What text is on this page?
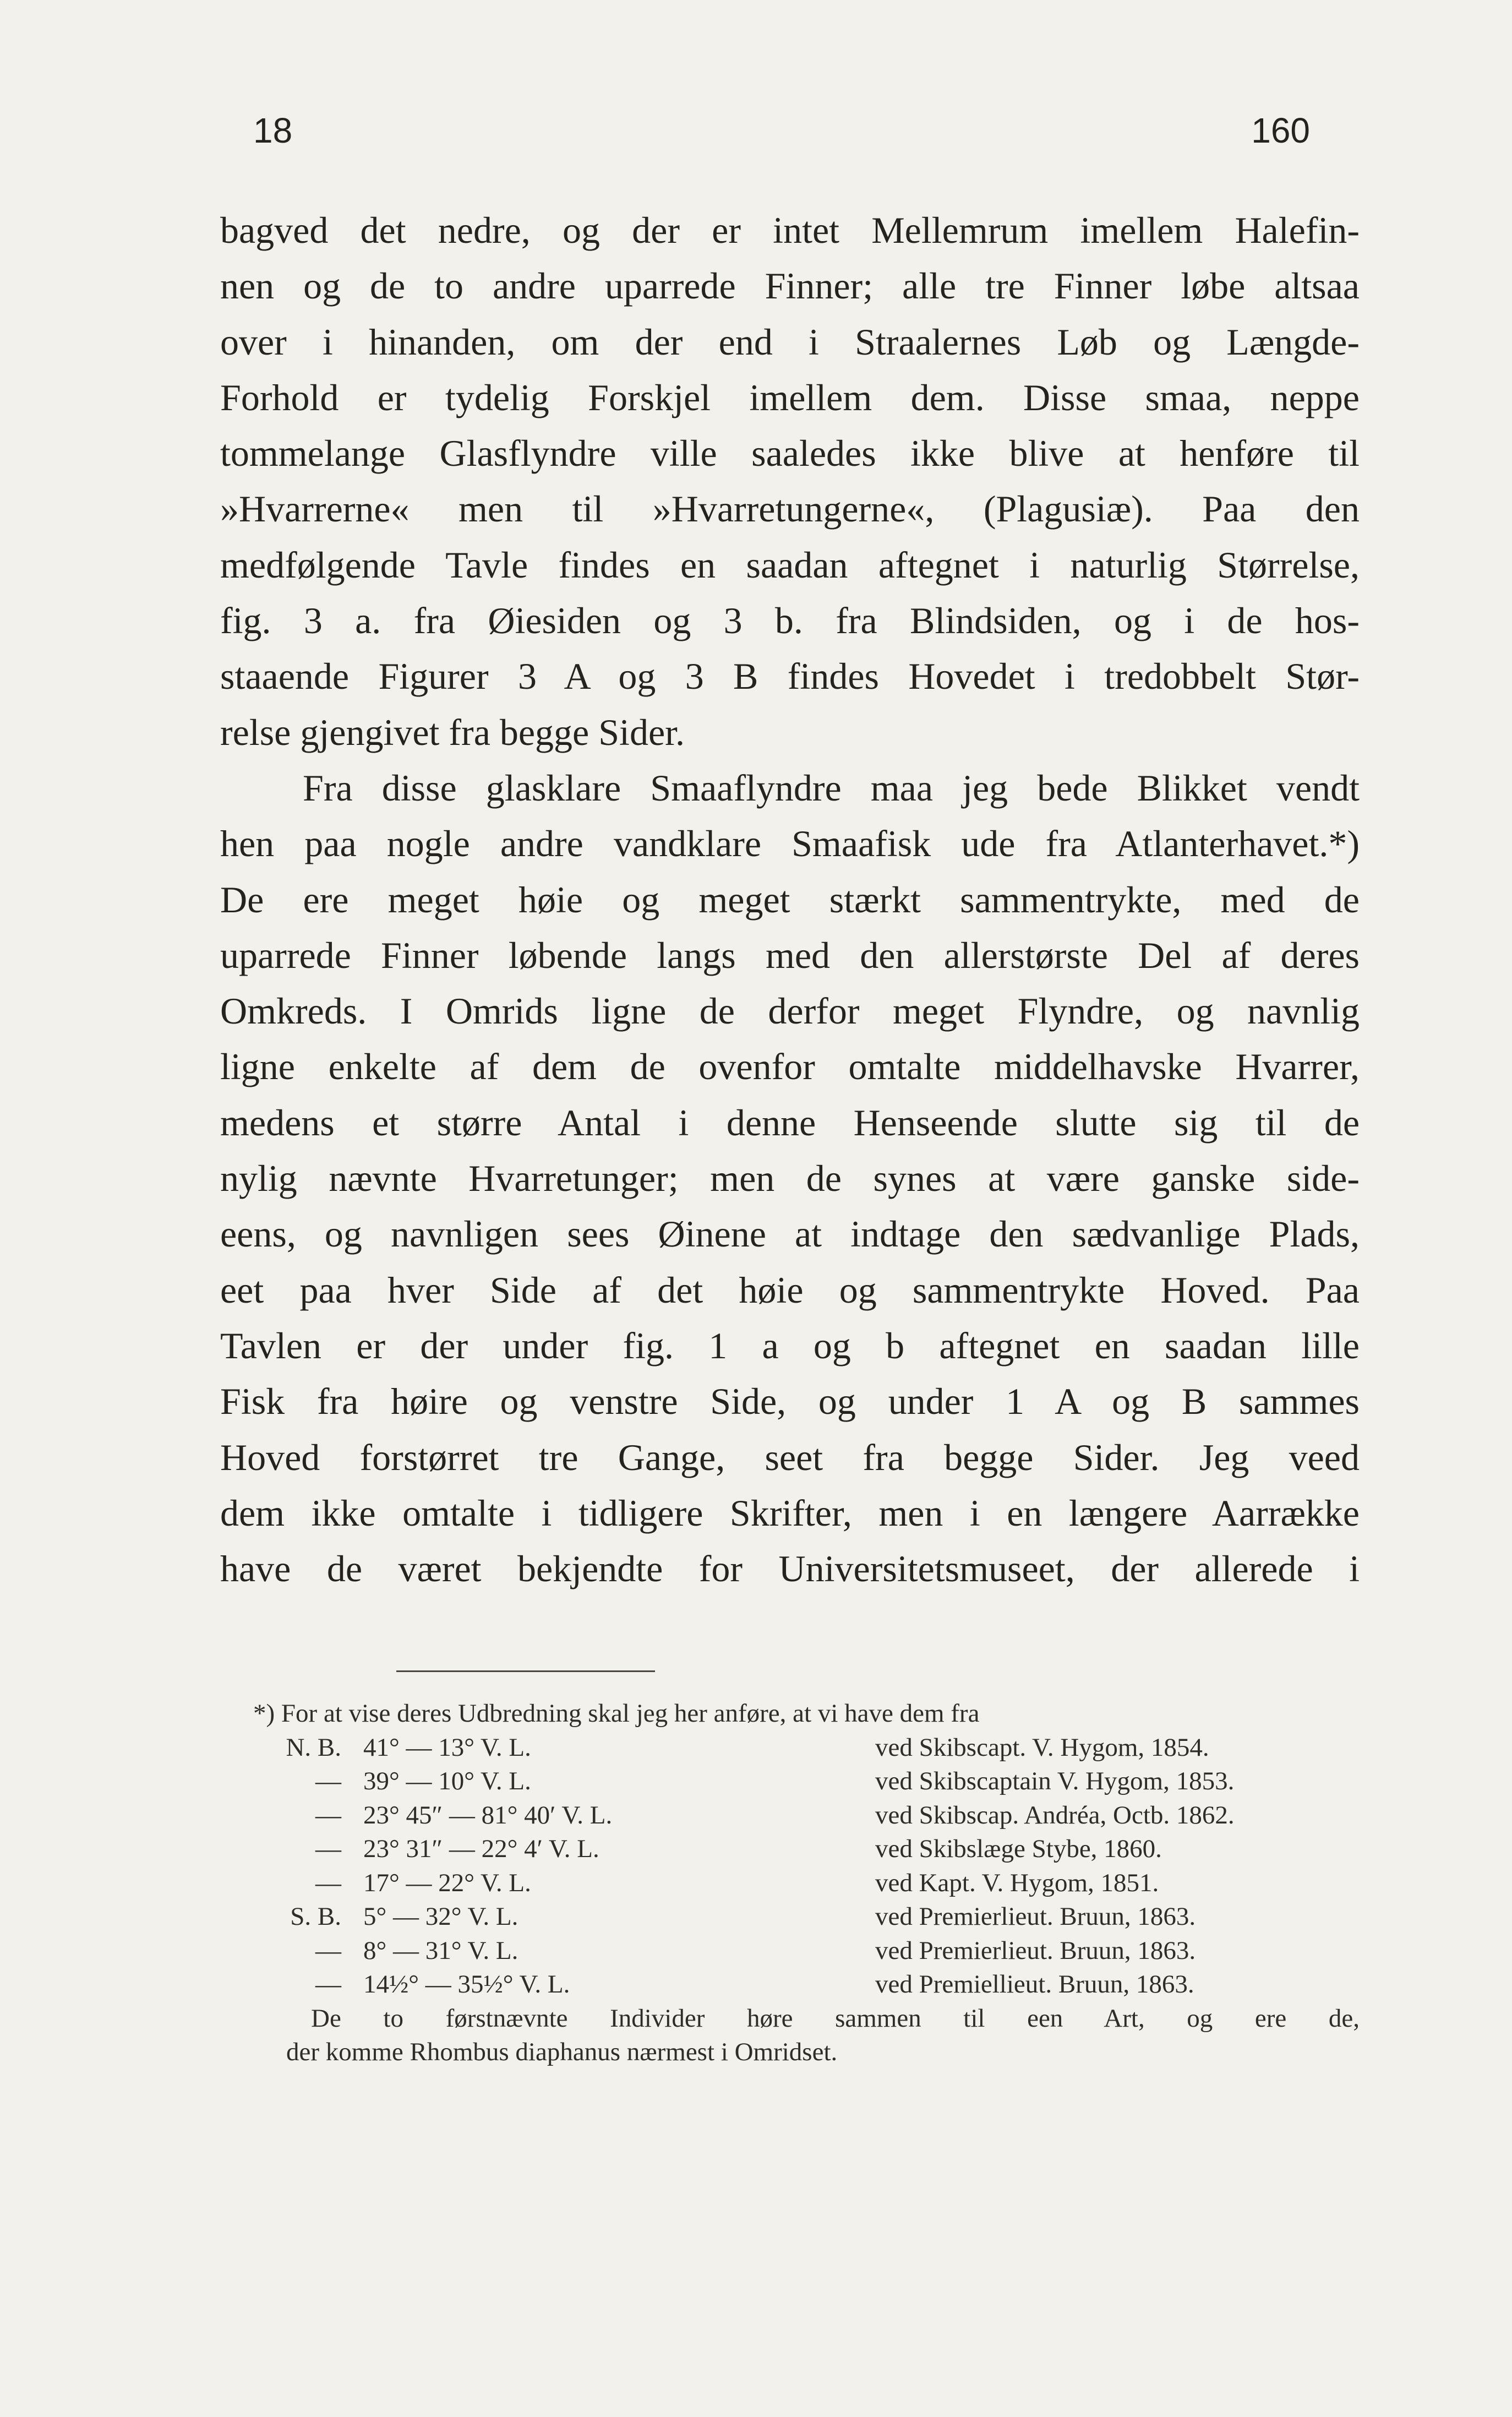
18	160
bagved det nedre, og der er intet Mellemrum imellem Halefin-
nen og de to andre uparrede Finner; alle tre Finner løbe altsaa
over i hinanden, om der end i Straalernes Løb og Længde-
Forhold er tydelig Forskjel imellem dem. Disse smaa, neppe
tommelange Glasflyndre ville saaledes ikke blive at henføre til
»Hvarrerne« men til »Hvarretungerne«, (Plagusiæ). Paa den
medfølgende Tavle findes en saadan aftegnet i naturlig Størrelse,
fig. 3 a. fra Øiesiden og 3 b. fra Blindsiden, og i de hos-
staaende Figurer 3 A og 3 B findes Hovedet i tredobbelt Stør-
relse gjengivet fra begge Sider.
Fra disse glasklare Smaaflyndre maa jeg bede Blikket vendt
hen paa nogle andre vandklare Smaafisk ude fra Atlanterhavet.*)
De ere meget høie og meget stærkt sammentrykte, med de
uparrede Finner løbende langs med den allerstørste Del af deres
Omkreds. I Omrids ligne de derfor meget Flyndre, og navnlig
ligne enkelte af dem de ovenfor omtalte middelhavske Hvarrer,
medens et større Antal i denne Henseende slutte sig til de
nylig nævnte Hvarretunger; men de synes at være ganske side-
eens, og navnligen sees Øinene at indtage den sædvanlige Plads,
eet paa hver Side af det høie og sammentrykte Hoved. Paa
Tavlen er der under fig. 1 a og b aftegnet en saadan lille
Fisk fra høire og venstre Side, og under 1 A og B sammes
Hoved forstørret tre Gange, seet fra begge Sider. Jeg veed
dem ikke omtalte i tidligere Skrifter, men i en længere Aarrække
have de været bekjendte for Universitetsmuseet, der allerede i
*) For at vise deres Udbredning skal jeg her anføre, at vi have dem fra
N. B. 41° — 13° V. L.	ved Skibscapt. V. Hygom, 1854.
— 39° — 10° V. L.	ved Skibscaptain V. Hygom, 1853.
— 23° 45″ — 81° 40′ V. L.	ved Skibscap. Andréa, Octb. 1862.
— 23° 31″ — 22° 4′ V. L.	ved Skibslæge Stybe, 1860.
— 17° — 22° V. L.	ved Kapt. V. Hygom, 1851.
S. B. 5° — 32° V. L.	ved Premierlieut. Bruun, 1863.
— 8° — 31° V. L.	ved Premierlieut. Bruun, 1863.
— 14½° — 35½° V. L.	ved Premiellieut. Bruun, 1863.
De to førstnævnte Individer høre sammen til een Art, og ere de,
der komme Rhombus diaphanus nærmest i Omridset.
